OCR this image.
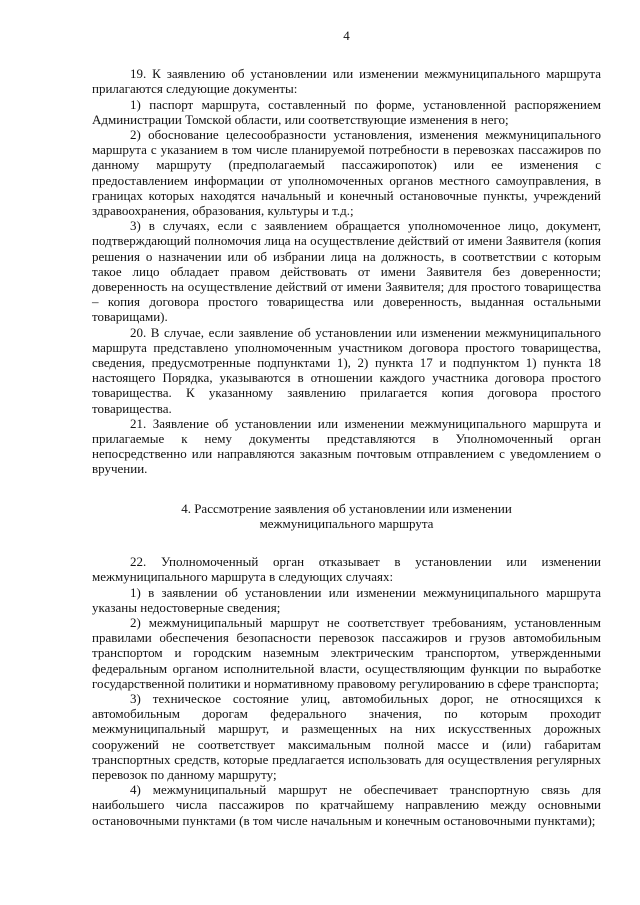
4

19. К заявлению об установлении или изменении межмуниципального маршрута прилагаются следующие документы:

1) паспорт маршрута, составленный по форме, установленной распоряжением Администрации Томской области, или соответствующие изменения в него;

2) обоснование целесообразности установления, изменения межмуниципального маршрута с указанием в том числе планируемой потребности в перевозках пассажиров по данному маршруту (предполагаемый пассажиропоток) или ее изменения с предоставлением информации от уполномоченных органов местного самоуправления, в границах которых находятся начальный и конечный остановочные пункты, учреждений здравоохранения, образования, культуры и т.д.;

3) в случаях, если с заявлением обращается уполномоченное лицо, документ, подтверждающий полномочия лица на осуществление действий от имени Заявителя (копия решения о назначении или об избрании лица на должность, в соответствии с которым такое лицо обладает правом действовать от имени Заявителя без доверенности; доверенность на осуществление действий от имени Заявителя; для простого товарищества – копия договора простого товарищества или доверенность, выданная остальными товарищами).

20. В случае, если заявление об установлении или изменении межмуниципального маршрута представлено уполномоченным участником договора простого товарищества, сведения, предусмотренные подпунктами 1), 2) пункта 17 и подпунктом 1) пункта 18 настоящего Порядка, указываются в отношении каждого участника договора простого товарищества. К указанному заявлению прилагается копия договора простого товарищества.

21. Заявление об установлении или изменении межмуниципального маршрута и прилагаемые к нему документы представляются в Уполномоченный орган непосредственно или направляются заказным почтовым отправлением с уведомлением о вручении.

4. Рассмотрение заявления об установлении или изменении

межмуниципального маршрута

22. Уполномоченный орган отказывает в установлении или изменении межмуниципального маршрута в следующих случаях:

1) в заявлении об установлении или изменении межмуниципального маршрута указаны недостоверные сведения;

2) межмуниципальный маршрут не соответствует требованиям, установленным правилами обеспечения безопасности перевозок пассажиров и грузов автомобильным транспортом и городским наземным электрическим транспортом, утвержденными федеральным органом исполнительной власти, осуществляющим функции по выработке государственной политики и нормативному правовому регулированию в сфере транспорта;

3) техническое состояние улиц, автомобильных дорог, не относящихся к автомобильным дорогам федерального значения, по которым проходит межмуниципальный маршрут, и размещенных на них искусственных дорожных сооружений не соответствует максимальным полной массе и (или) габаритам транспортных средств, которые предлагается использовать для осуществления регулярных перевозок по данному маршруту;

4) межмуниципальный маршрут не обеспечивает транспортную связь для наибольшего числа пассажиров по кратчайшему направлению между основными остановочными пунктами (в том числе начальным и конечным остановочными пунктами);
